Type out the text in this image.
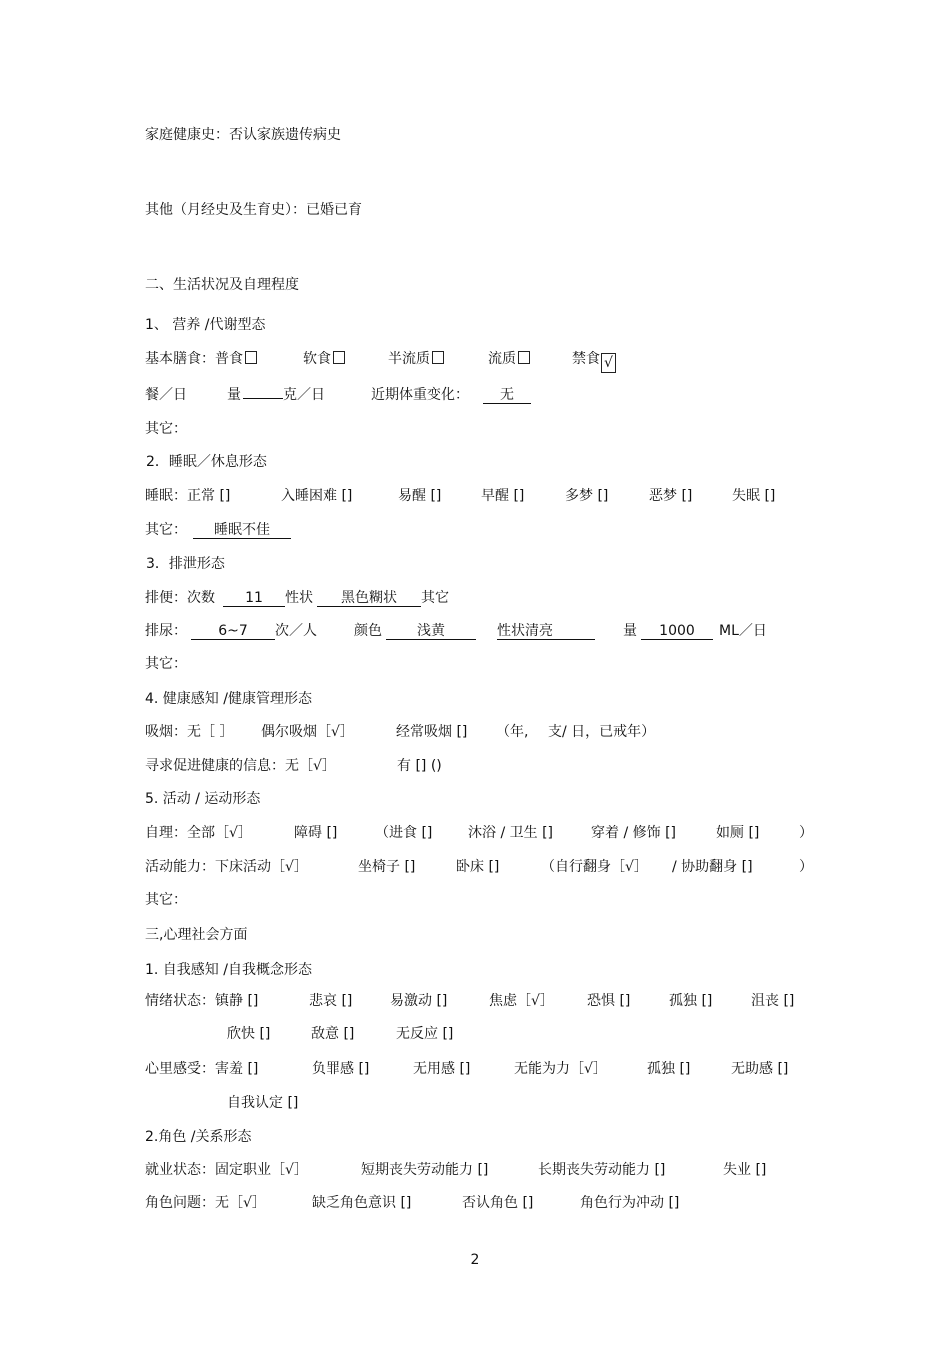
家庭健康史：否认家族遗传病史
其他（月经史及生育史）：已婚已育
二、生活状况及自理程度
1、 营养 /代谢型态
基本膳食：普食	软食	半流质	流质	禁食 √
餐／日	量	克／日	近期体重变化： 无
其它：
2．睡眠／休息形态
睡眠：正常 []	入睡困难 []	易醒 []	早醒 []	多梦 []	恶梦 []	失眠 []
其它： 睡眠不佳
3．排泄形态
排便：次数 11 性状 黑色糊状 其它
排尿： 6~7 次／人	颜色	浅黄	性状清亮	量 1000 ML／日
其它：
4. 健康感知 /健康管理形态
吸烟：无［ ］ 偶尔吸烟［√］	经常吸烟 [] （年, 支/ 日，已戒年）
寻求促进健康的信息：无［√］	有 [] ()
5. 活动 / 运动形态
自理：全部［√］	障碍 []	（进食 []	沐浴 / 卫生 []	穿着 / 修饰 []	如厕 []	）
活动能力：下床活动［√］	坐椅子 []	卧床 []	（自行翻身［√］ / 协助翻身 []	）
其它：
三,心理社会方面
1. 自我感知 /自我概念形态
情绪状态：镇静 []	悲哀 []	易激动 []	焦虑［√］ 恐惧 []	孤独 []	沮丧 []
欣快 []	敌意 []	无反应 []
心里感受：害羞 []	负罪感 []	无用感 []	无能为力［√］	孤独 []	无助感 []
自我认定 []
2.角色 /关系形态
就业状态：固定职业［√］	短期丧失劳动能力 []	长期丧失劳动能力 []	失业 []
角色问题：无［√］	缺乏角色意识 []	否认角色 []	角色行为冲动 []
2
